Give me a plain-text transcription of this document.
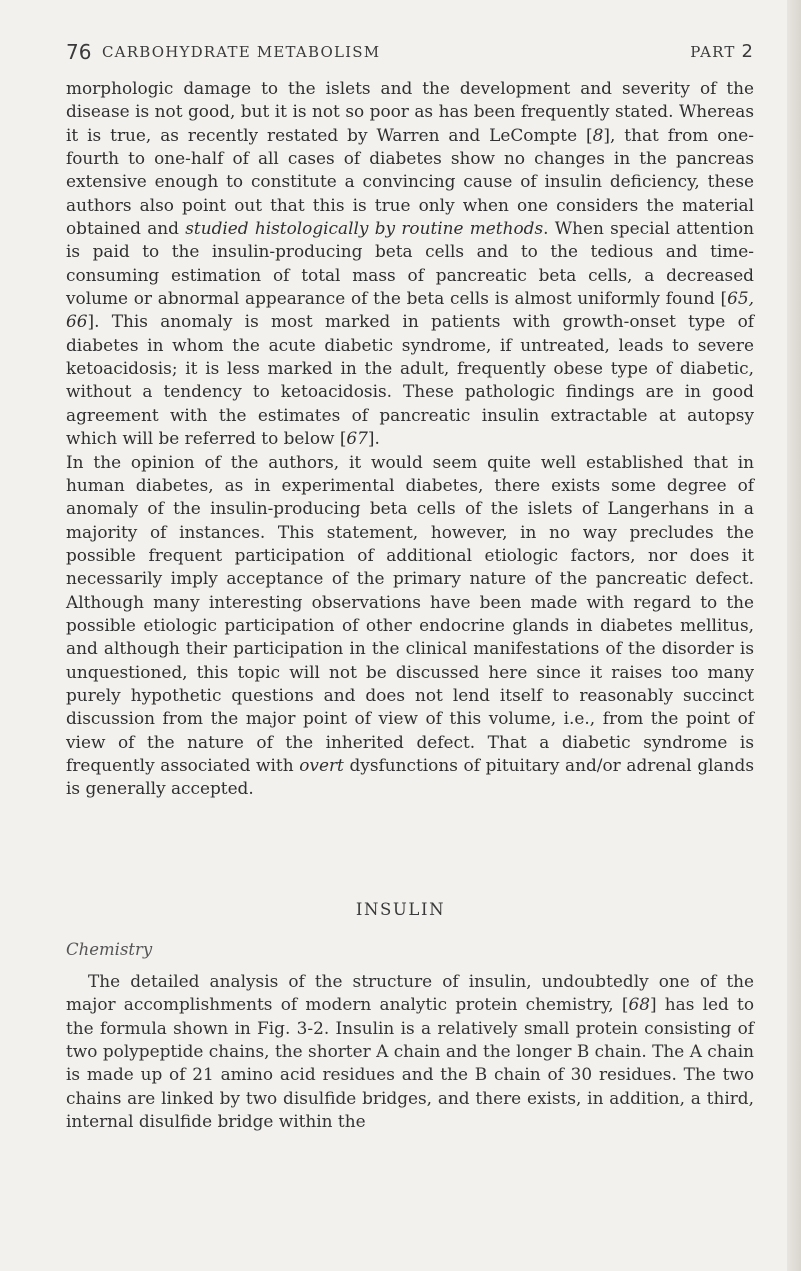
76 CARBOHYDRATE METABOLISM	PART 2

morphologic damage to the islets and the development and severity of the disease is not good, but it is not so poor as has been frequently stated. Whereas it is true, as recently restated by Warren and LeCompte [8], that from one-fourth to one-half of all cases of diabetes show no changes in the pancreas extensive enough to constitute a convincing cause of insulin deficiency, these authors also point out that this is true only when one considers the material obtained and studied histologically by routine methods. When special attention is paid to the insulin-producing beta cells and to the tedious and time-consuming estimation of total mass of pancreatic beta cells, a decreased volume or abnormal appearance of the beta cells is almost uniformly found [65, 66]. This anomaly is most marked in patients with growth-onset type of diabetes in whom the acute diabetic syndrome, if untreated, leads to severe ketoacidosis; it is less marked in the adult, frequently obese type of diabetic, without a tendency to ketoacidosis. These pathologic findings are in good agreement with the estimates of pancreatic insulin extractable at autopsy which will be referred to below [67].

In the opinion of the authors, it would seem quite well established that in human diabetes, as in experimental diabetes, there exists some degree of anomaly of the insulin-producing beta cells of the islets of Langerhans in a majority of instances. This statement, however, in no way precludes the possible frequent participation of additional etiologic factors, nor does it necessarily imply acceptance of the primary nature of the pancreatic defect. Although many interesting observations have been made with regard to the possible etiologic participation of other endocrine glands in diabetes mellitus, and although their participation in the clinical manifestations of the disorder is unquestioned, this topic will not be discussed here since it raises too many purely hypothetic questions and does not lend itself to reasonably succinct discussion from the major point of view of this volume, i.e., from the point of view of the nature of the inherited defect. That a diabetic syndrome is frequently associated with overt dysfunctions of pituitary and/or adrenal glands is generally accepted.

INSULIN
Chemistry

The detailed analysis of the structure of insulin, undoubtedly one of the major accomplishments of modern analytic protein chemistry, [68] has led to the formula shown in Fig. 3-2. Insulin is a relatively small protein consisting of two polypeptide chains, the shorter A chain and the longer B chain. The A chain is made up of 21 amino acid residues and the B chain of 30 residues. The two chains are linked by two disulfide bridges, and there exists, in addition, a third, internal disulfide bridge within the
